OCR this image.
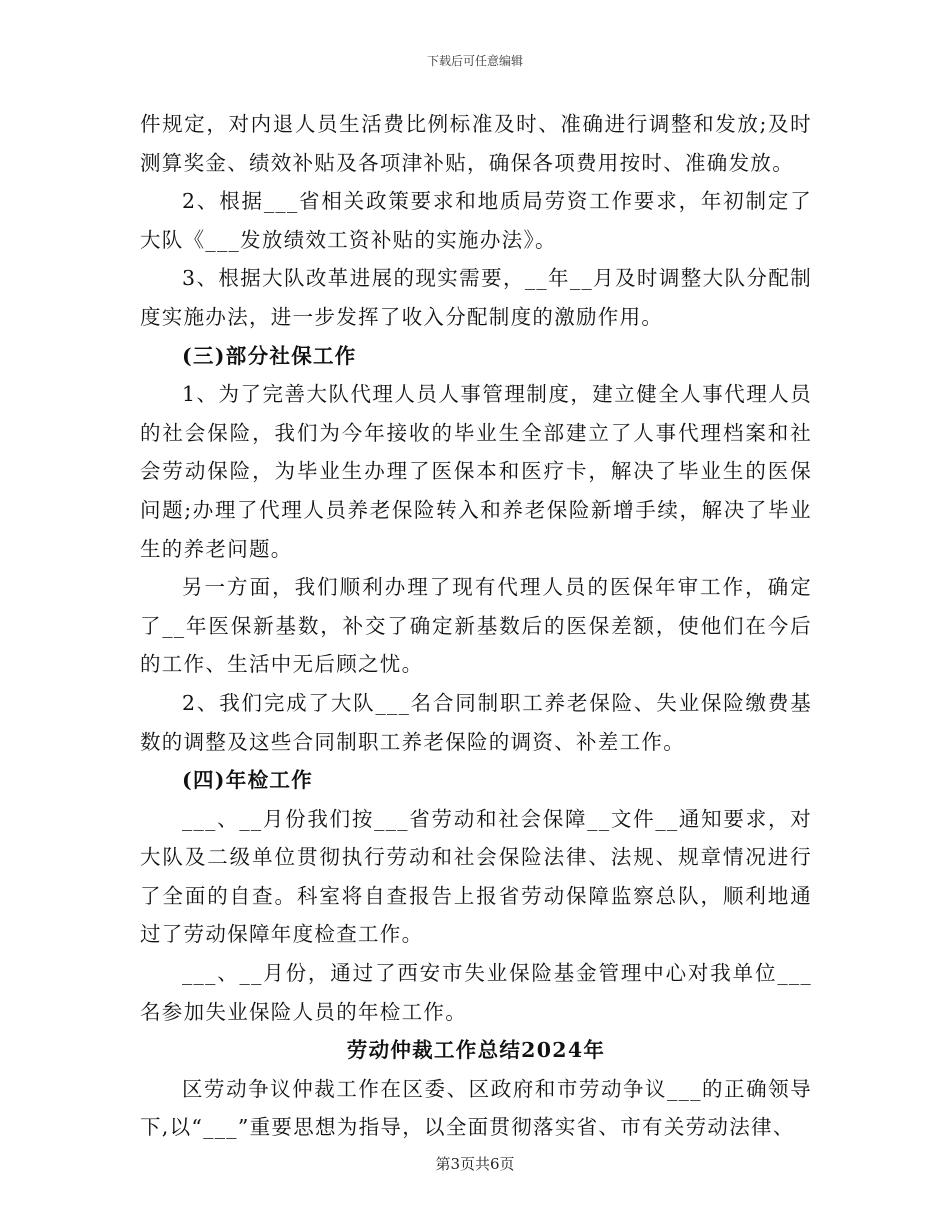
下载后可任意编辑

件规定，对内退人员生活费比例标准及时、准确进行调整和发放;及时测算奖金、绩效补贴及各项津补贴，确保各项费用按时、准确发放。

2、根据___省相关政策要求和地质局劳资工作要求，年初制定了大队《___发放绩效工资补贴的实施办法》。

3、根据大队改革进展的现实需要，__年__月及时调整大队分配制度实施办法，进一步发挥了收入分配制度的激励作用。

(三)部分社保工作

1、为了完善大队代理人员人事管理制度，建立健全人事代理人员的社会保险，我们为今年接收的毕业生全部建立了人事代理档案和社会劳动保险，为毕业生办理了医保本和医疗卡，解决了毕业生的医保问题;办理了代理人员养老保险转入和养老保险新增手续，解决了毕业生的养老问题。

另一方面，我们顺利办理了现有代理人员的医保年审工作，确定了__年医保新基数，补交了确定新基数后的医保差额，使他们在今后的工作、生活中无后顾之忧。

2、我们完成了大队___名合同制职工养老保险、失业保险缴费基数的调整及这些合同制职工养老保险的调资、补差工作。

(四)年检工作

___、__月份我们按___省劳动和社会保障__文件__通知要求，对大队及二级单位贯彻执行劳动和社会保险法律、法规、规章情况进行了全面的自查。科室将自查报告上报省劳动保障监察总队，顺利地通过了劳动保障年度检查工作。

___、__月份，通过了西安市失业保险基金管理中心对我单位___名参加失业保险人员的年检工作。

劳动仲裁工作总结2024年

区劳动争议仲裁工作在区委、区政府和市劳动争议___的正确领导下,以“___”重要思想为指导，以全面贯彻落实省、市有关劳动法律、

第3页共6页
